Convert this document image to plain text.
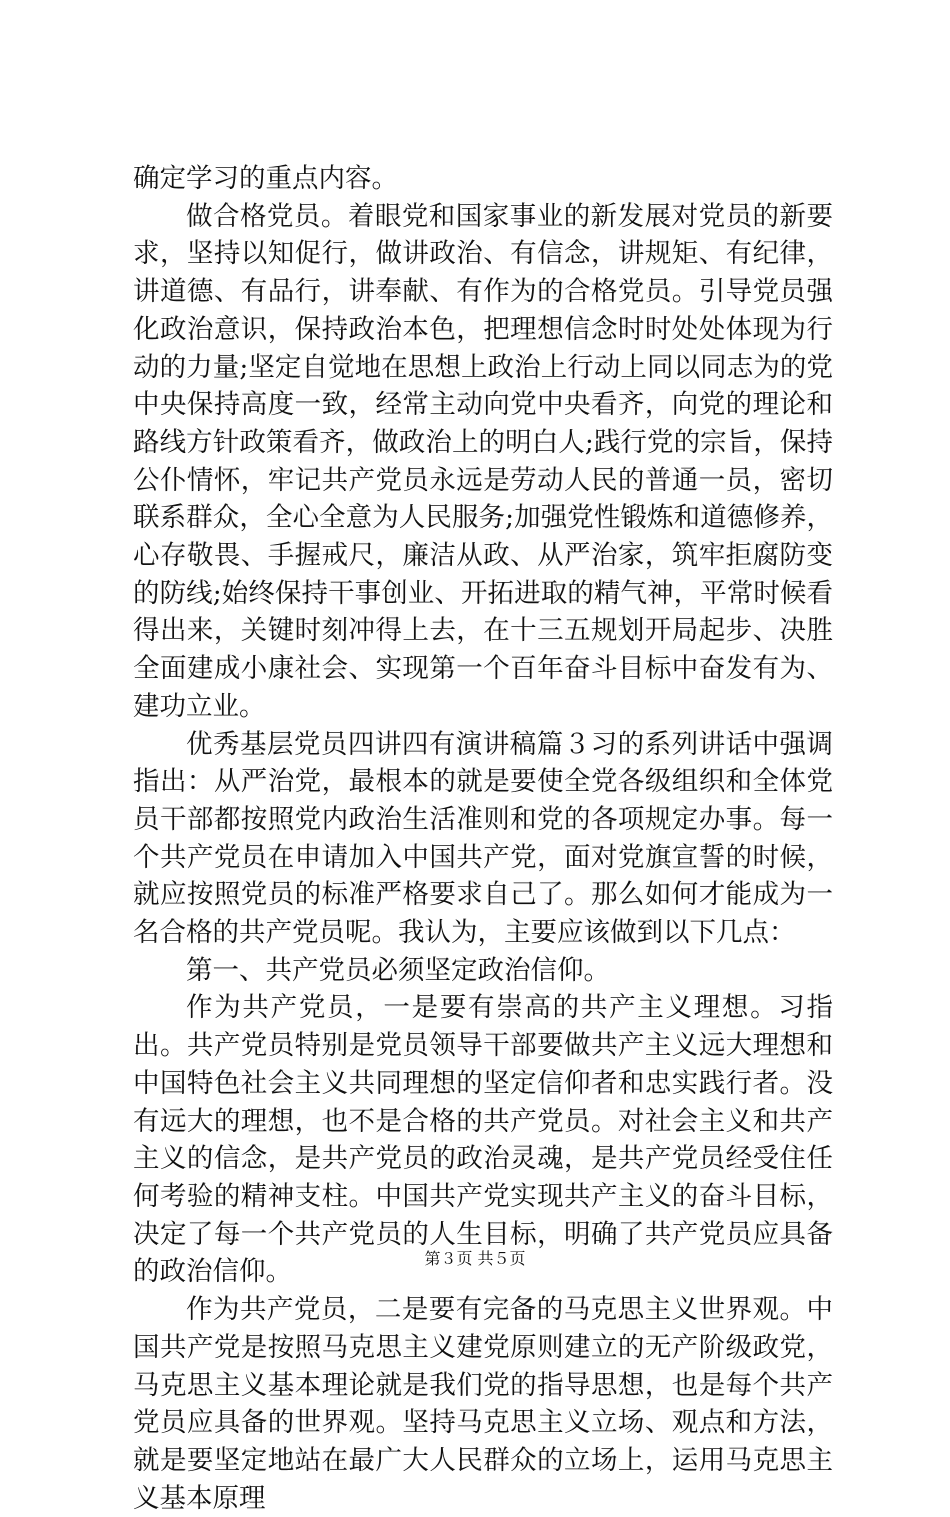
确定学习的重点内容。

做合格党员。着眼党和国家事业的新发展对党员的新要求，坚持以知促行，做讲政治、有信念，讲规矩、有纪律，讲道德、有品行，讲奉献、有作为的合格党员。引导党员强化政治意识，保持政治本色，把理想信念时时处处体现为行动的力量;坚定自觉地在思想上政治上行动上同以同志为的党中央保持高度一致，经常主动向党中央看齐，向党的理论和路线方针政策看齐，做政治上的明白人;践行党的宗旨，保持公仆情怀，牢记共产党员永远是劳动人民的普通一员，密切联系群众，全心全意为人民服务;加强党性锻炼和道德修养，心存敬畏、手握戒尺，廉洁从政、从严治家，筑牢拒腐防变的防线;始终保持干事创业、开拓进取的精气神，平常时候看得出来，关键时刻冲得上去，在十三五规划开局起步、决胜全面建成小康社会、实现第一个百年奋斗目标中奋发有为、建功立业。

优秀基层党员四讲四有演讲稿篇３习的系列讲话中强调指出：从严治党，最根本的就是要使全党各级组织和全体党员干部都按照党内政治生活准则和党的各项规定办事。每一个共产党员在申请加入中国共产党，面对党旗宣誓的时候，就应按照党员的标准严格要求自己了。那么如何才能成为一名合格的共产党员呢。我认为，主要应该做到以下几点：

第一、共产党员必须坚定政治信仰。

作为共产党员，一是要有崇高的共产主义理想。习指出。共产党员特别是党员领导干部要做共产主义远大理想和中国特色社会主义共同理想的坚定信仰者和忠实践行者。没有远大的理想，也不是合格的共产党员。对社会主义和共产主义的信念，是共产党员的政治灵魂，是共产党员经受住任何考验的精神支柱。中国共产党实现共产主义的奋斗目标，决定了每一个共产党员的人生目标，明确了共产党员应具备的政治信仰。

作为共产党员，二是要有完备的马克思主义世界观。中国共产党是按照马克思主义建党原则建立的无产阶级政党，马克思主义基本理论就是我们党的指导思想，也是每个共产党员应具备的世界观。坚持马克思主义立场、观点和方法，就是要坚定地站在最广大人民群众的立场上，运用马克思主义基本原理

第３页 共５页
